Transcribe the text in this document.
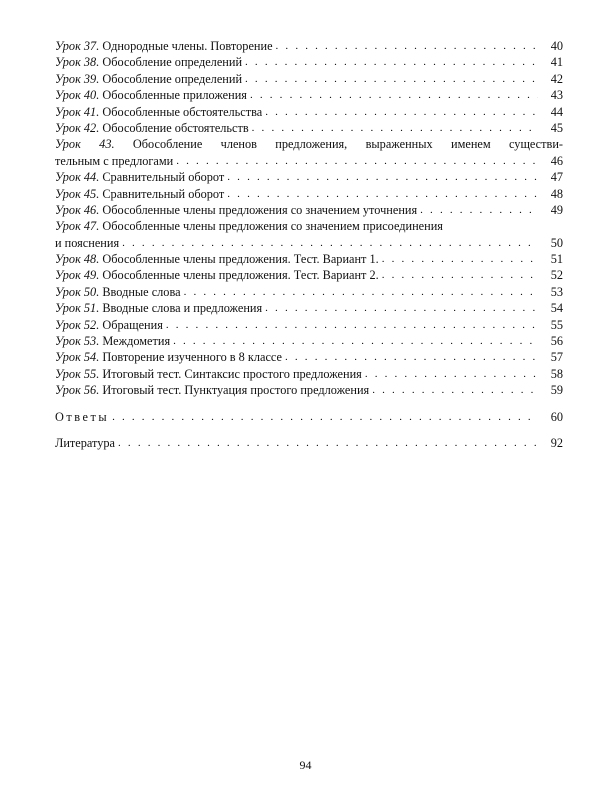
Урок 37. Однородные члены. Повторение . . .	40
Урок 38. Обособление определений . . .	41
Урок 39. Обособление определений . . .	42
Урок 40. Обособленные приложения . . .	43
Урок 41. Обособленные обстоятельства . . .	44
Урок 42. Обособление обстоятельств . . .	45
Урок 43. Обособление членов предложения, выраженных именем существи-
тельным с предлогами . . .	46
Урок 44. Сравнительный оборот . . .	47
Урок 45. Сравнительный оборот . . .	48
Урок 46. Обособленные члены предложения со значением уточнения . . .	49
Урок 47. Обособленные члены предложения со значением присоединения
и пояснения . . .	50
Урок 48. Обособленные члены предложения. Тест. Вариант 1. . . .	51
Урок 49. Обособленные члены предложения. Тест. Вариант 2. . . .	52
Урок 50. Вводные слова . . .	53
Урок 51. Вводные слова и предложения . . .	54
Урок 52. Обращения . . .	55
Урок 53. Междометия . . .	56
Урок 54. Повторение изученного в 8 классе . . .	57
Урок 55. Итоговый тест. Синтаксис простого предложения . . .	58
Урок 56. Итоговый тест. Пунктуация простого предложения . . .	59
Ответы . . .	60
Литература . . .	92
94
